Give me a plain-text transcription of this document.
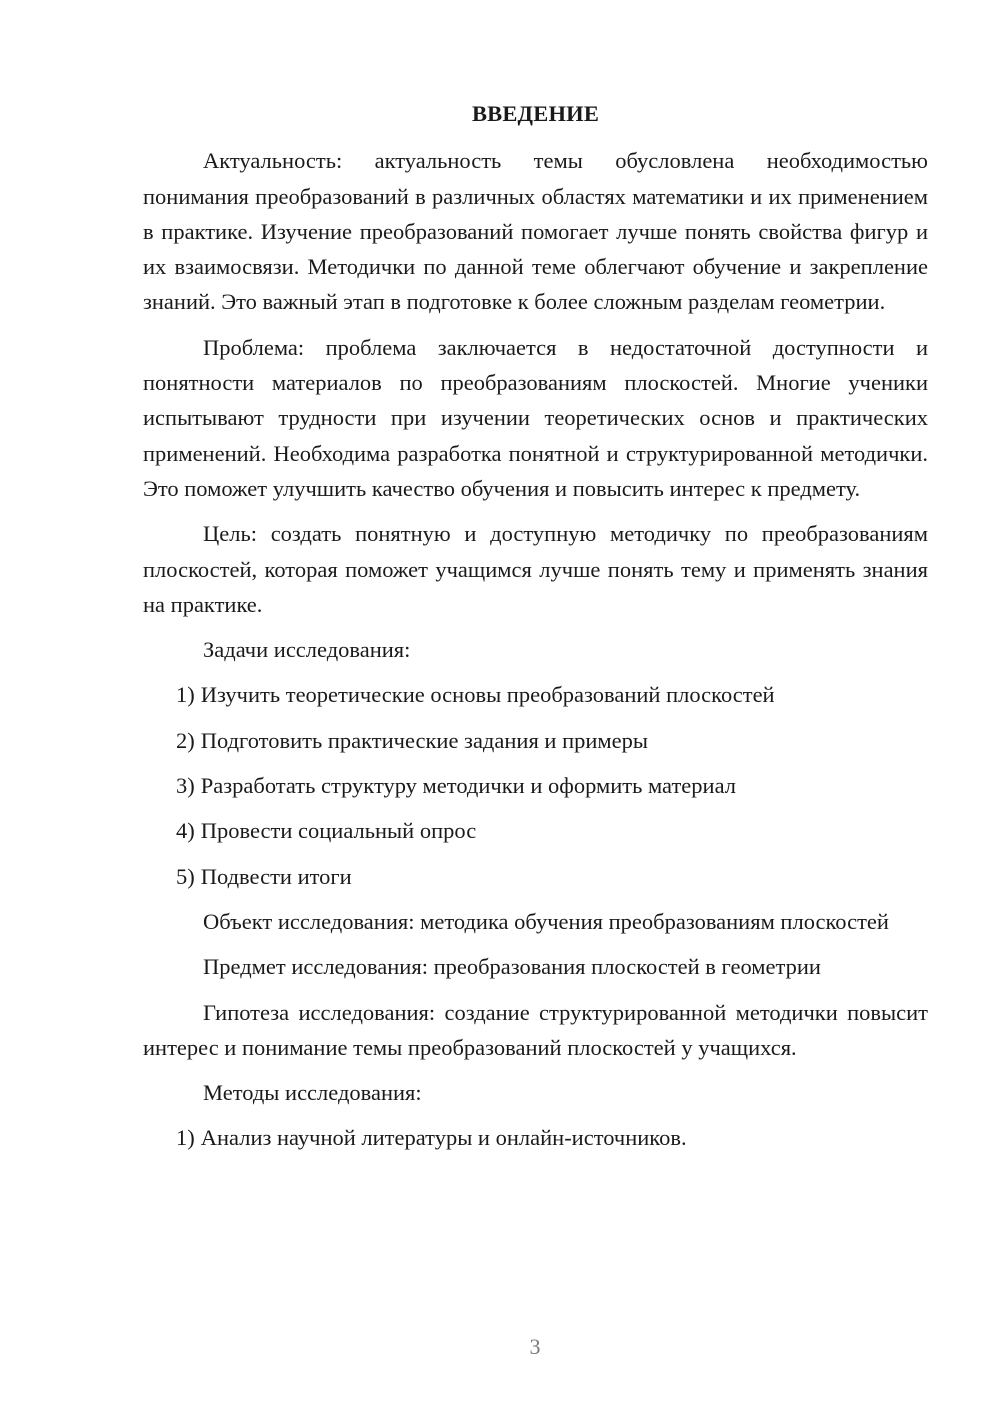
ВВЕДЕНИЕ

Актуальность: актуальность темы обусловлена необходимостью понимания преобразований в различных областях математики и их применением в практике. Изучение преобразований помогает лучше понять свойства фигур и их взаимосвязи. Методички по данной теме облегчают обучение и закрепление знаний. Это важный этап в подготовке к более сложным разделам геометрии.

Проблема: проблема заключается в недостаточной доступности и понятности материалов по преобразованиям плоскостей. Многие ученики испытывают трудности при изучении теоретических основ и практических применений. Необходима разработка понятной и структурированной методички. Это поможет улучшить качество обучения и повысить интерес к предмету.

Цель: создать понятную и доступную методичку по преобразованиям плоскостей, которая поможет учащимся лучше понять тему и применять знания на практике.

Задачи исследования:

1) Изучить теоретические основы преобразований плоскостей
2) Подготовить практические задания и примеры
3) Разработать структуру методички и оформить материал
4) Провести социальный опрос
5) Подвести итоги

Объект исследования: методика обучения преобразованиям плоскостей

Предмет исследования: преобразования плоскостей в геометрии

Гипотеза исследования: создание структурированной методички повысит интерес и понимание темы преобразований плоскостей у учащихся.

Методы исследования:

1) Анализ научной литературы и онлайн-источников.
3
